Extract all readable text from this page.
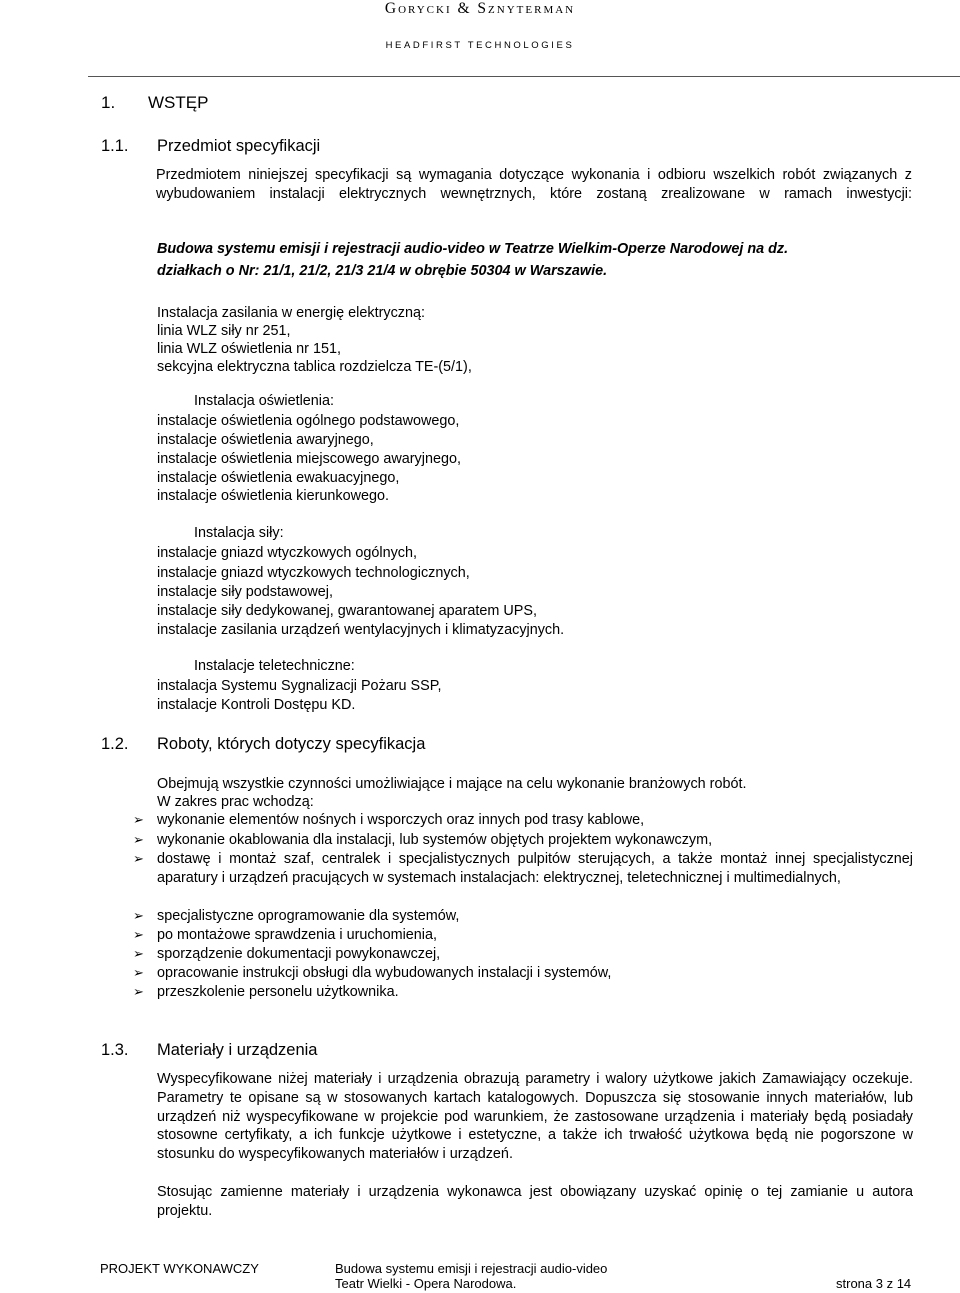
Gorycki & Sznyterman
HEADFIRST TECHNOLOGIES
1. WSTĘP
1.1. Przedmiot specyfikacji
Przedmiotem niniejszej specyfikacji są wymagania dotyczące wykonania i odbioru wszelkich robót związanych z wybudowaniem instalacji elektrycznych wewnętrznych, które zostaną zrealizowane w ramach inwestycji:
Budowa systemu emisji i rejestracji audio-video w Teatrze Wielkim-Operze Narodowej na dz.
działkach o Nr: 21/1, 21/2, 21/3 21/4 w obrębie 50304 w Warszawie.
Instalacja zasilania w energię elektryczną:
linia WLZ siły nr 251,
linia WLZ oświetlenia nr 151,
sekcyjna elektryczna tablica rozdzielcza TE-(5/1),
Instalacja oświetlenia:
instalacje oświetlenia ogólnego podstawowego,
instalacje oświetlenia awaryjnego,
instalacje oświetlenia miejscowego awaryjnego,
instalacje oświetlenia ewakuacyjnego,
instalacje oświetlenia kierunkowego.
Instalacja siły:
instalacje gniazd wtyczkowych ogólnych,
instalacje gniazd wtyczkowych technologicznych,
instalacje siły podstawowej,
instalacje siły dedykowanej, gwarantowanej aparatem UPS,
instalacje zasilania urządzeń wentylacyjnych i klimatyzacyjnych.
Instalacje teletechniczne:
instalacja Systemu Sygnalizacji Pożaru SSP,
instalacje Kontroli Dostępu KD.
1.2. Roboty, których dotyczy specyfikacja
Obejmują wszystkie czynności umożliwiające i mające na celu wykonanie branżowych robót.
W zakres prac wchodzą:
➢ wykonanie elementów nośnych i wsporczych oraz innych pod trasy kablowe,
➢ wykonanie okablowania dla instalacji, lub systemów objętych projektem wykonawczym,
➢ dostawę i montaż szaf, centralek i specjalistycznych pulpitów sterujących, a także montaż innej specjalistycznej aparatury i urządzeń pracujących w systemach instalacjach: elektrycznej, teletechnicznej i multimedialnych,
➢ specjalistyczne oprogramowanie dla systemów,
➢ po montażowe sprawdzenia i uruchomienia,
➢ sporządzenie dokumentacji powykonawczej,
➢ opracowanie instrukcji obsługi dla wybudowanych instalacji i systemów,
➢ przeszkolenie personelu użytkownika.
1.3. Materiały i urządzenia
Wyspecyfikowane niżej materiały i urządzenia obrazują parametry i walory użytkowe jakich Zamawiający oczekuje. Parametry te opisane są w stosowanych kartach katalogowych. Dopuszcza się stosowanie innych materiałów, lub urządzeń niż wyspecyfikowane w projekcie pod warunkiem, że zastosowane urządzenia i materiały będą posiadały stosowne certyfikaty, a ich funkcje użytkowe i estetyczne, a także ich trwałość użytkowa będą nie pogorszone w stosunku do wyspecyfikowanych materiałów i urządzeń.
Stosując zamienne materiały i urządzenia wykonawca jest obowiązany uzyskać opinię o tej zamianie u autora projektu.
PROJEKT WYKONAWCZY	Budowa systemu emisji i rejestracji audio-video
Teatr Wielki - Opera Narodowa.	strona 3 z 14
